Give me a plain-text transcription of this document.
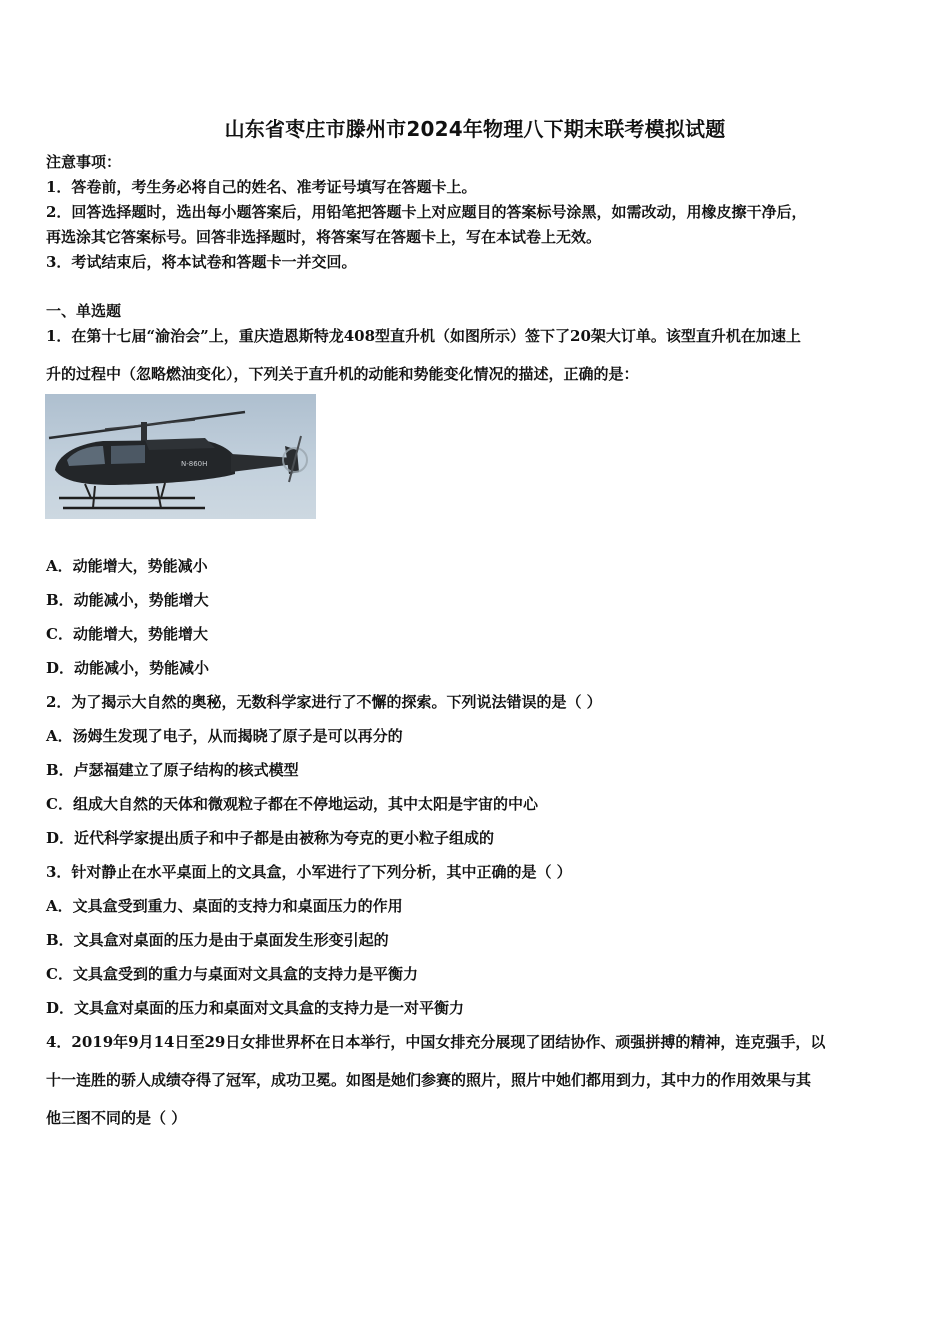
山东省枣庄市滕州市2024年物理八下期末联考模拟试题
注意事项：
1．答卷前，考生务必将自己的姓名、准考证号填写在答题卡上。
2．回答选择题时，选出每小题答案后，用铅笔把答题卡上对应题目的答案标号涂黑，如需改动，用橡皮擦干净后，
再选涂其它答案标号。回答非选择题时，将答案写在答题卡上，写在本试卷上无效。
3．考试结束后，将本试卷和答题卡一并交回。
一、单选题
1．在第十七届“渝治会”上，重庆造恩斯特龙408型直升机（如图所示）签下了20架大订单。该型直升机在加速上
升的过程中（忽略燃油变化），下列关于直升机的动能和势能变化情况的描述，正确的是：
N-860H
A．动能增大，势能减小
B．动能减小，势能增大
C．动能增大，势能增大
D．动能减小，势能减小
2．为了揭示大自然的奥秘，无数科学家进行了不懈的探索。下列说法错误的是（ ）
A．汤姆生发现了电子，从而揭晓了原子是可以再分的
B．卢瑟福建立了原子结构的核式模型
C．组成大自然的天体和微观粒子都在不停地运动，其中太阳是宇宙的中心
D．近代科学家提出质子和中子都是由被称为夸克的更小粒子组成的
3．针对静止在水平桌面上的文具盒，小军进行了下列分析，其中正确的是（ ）
A．文具盒受到重力、桌面的支持力和桌面压力的作用
B．文具盒对桌面的压力是由于桌面发生形变引起的
C．文具盒受到的重力与桌面对文具盒的支持力是平衡力
D．文具盒对桌面的压力和桌面对文具盒的支持力是一对平衡力
4．2019年9月14日至29日女排世界杯在日本举行，中国女排充分展现了团结协作、顽强拼搏的精神，连克强手，以
十一连胜的骄人成绩夺得了冠军，成功卫冕。如图是她们参赛的照片，照片中她们都用到力，其中力的作用效果与其
他三图不同的是（ ）
